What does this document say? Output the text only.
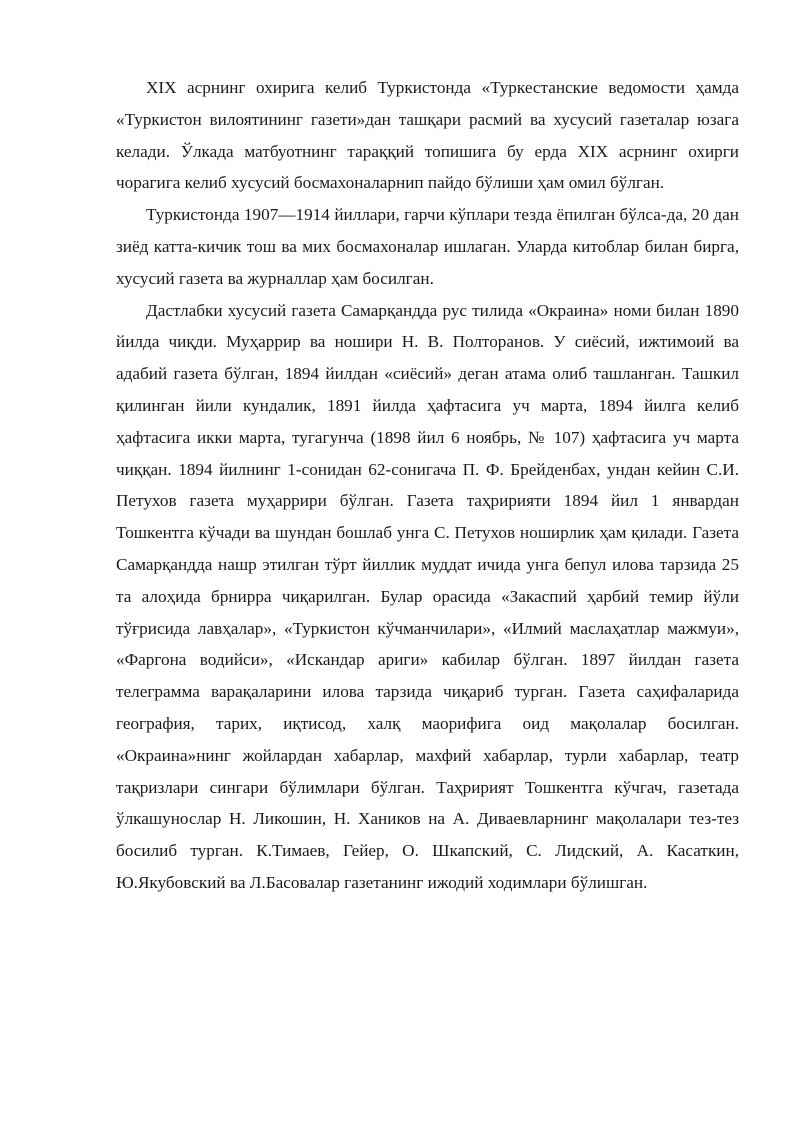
XIX асрнинг охирига келиб Туркистонда «Туркестанские ведомости ҳамда «Туркистон вилоятининг газети»дан ташқари расмий ва хусусий газеталар юзага келади. Ўлкада матбуотнинг тараққий топишига бу ерда XIX асрнинг охирги чорагига келиб хусусий босмахоналарнип пайдо бўлиши ҳам омил бўлган.

Туркистонда 1907—1914 йиллари, гарчи кўплари тезда ёпилган бўлса-да, 20 дан зиёд катта-кичик тош ва мих босмахоналар ишлаган. Уларда китоблар билан бирга, хусусий газета ва журналлар ҳам босилган.

Дастлабки хусусий газета Самарқандда рус тилида «Окраина» номи билан 1890 йилда чиқди. Муҳаррир ва ношири Н. В. Полторанов. У сиёсий, ижтимоий ва адабий газета бўлган, 1894 йилдан «сиёсий» деган атама олиб ташланган. Ташкил қилинган йили кундалик, 1891 йилда ҳафтасига уч марта, 1894 йилга келиб ҳафтасига икки марта, тугагунча (1898 йил 6 ноябрь, № 107) ҳафтасига уч марта чиққан. 1894 йилнинг 1-сонидан 62-сонигача П. Ф. Брейденбах, ундан кейин С.И. Петухов газета муҳаррири бўлган. Газета таҳририяти 1894 йил 1 январдан Тошкентга кўчади ва шундан бошлаб унга С. Петухов ноширлик ҳам қилади. Газета Самарқандда нашр этилган тўрт йиллик муддат ичида унга бепул илова тарзида 25 та алоҳида брнирра чиқарилган. Булар орасида «Закаспий ҳарбий темир йўли тўғрисида лавҳалар», «Туркистон кўчманчилари», «Илмий маслаҳатлар мажмуи», «Фаргона водийси», «Искандар ариги» кабилар бўлган. 1897 йилдан газета телеграмма варақаларини илова тарзида чиқариб турган. Газета саҳифаларида география, тарих, иқтисод, халқ маорифига оид мақолалар босилган. «Окраина»нинг жойлардан хабарлар, махфий хабарлар, турли хабарлар, театр тақризлари сингари бўлимлари бўлган. Таҳририят Тошкентга кўчгач, газетада ўлкашунослар Н. Ликошин, Н. Хаников на А. Диваевларнинг мақолалари тез-тез босилиб турган. К.Тимаев, Гейер, О. Шкапский, С. Лидский, А. Касаткин, Ю.Якубовский ва Л.Басовалар газетанинг ижодий ходимлари бўлишган.
